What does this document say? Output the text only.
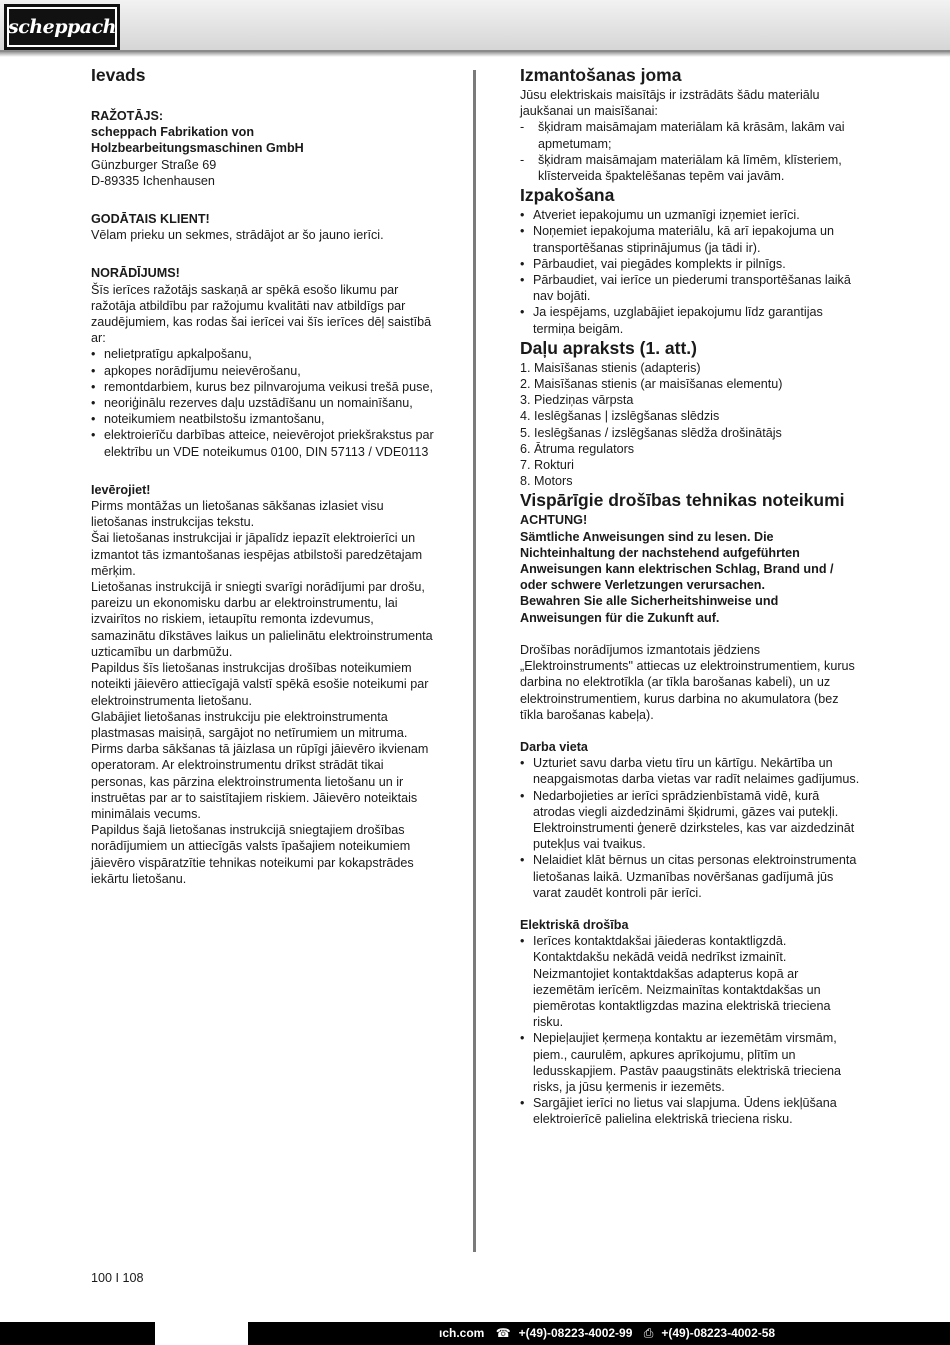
scheppach
Ievads
RAŽOTĀJS:
scheppach Fabrikation von
Holzbearbeitungsmaschinen GmbH
Günzburger Straße 69
D-89335 Ichenhausen
GODĀTAIS KLIENT!
Vēlam prieku un sekmes, strādājot ar šo jauno ierīci.
NORĀDĪJUMS!
Šīs ierīces ražotājs saskaņā ar spēkā esošo likumu par ražotāja atbildību par ražojumu kvalitāti nav atbildīgs par zaudējumiem, kas rodas šai ierīcei vai šīs ierīces dēļ saistībā ar:
• nelietpratīgu apkalpošanu,
• apkopes norādījumu neievērošanu,
• remontdarbiem, kurus bez pilnvarojuma veikusi trešā puse,
• neoriģinālu rezerves daļu uzstādīšanu un nomainīšanu,
• noteikumiem neatbilstošu izmantošanu,
• elektroierīču darbības atteice, neievērojot priekšrakstus par elektrību un VDE noteikumus 0100, DIN 57113 / VDE0113
Ievērojiet!

Pirms montāžas un lietošanas sākšanas izlasiet visu lietošanas instrukcijas tekstu.

Šai lietošanas instrukcijai ir jāpalīdz iepazīt elektroierīci un izmantot tās izmantošanas iespējas atbilstoši paredzētajam mērķim.

Lietošanas instrukcijā ir sniegti svarīgi norādījumi par drošu, pareizu un ekonomisku darbu ar elektroinstrumentu, lai izvairītos no riskiem, ietaupītu remonta izdevumus, samazinātu dīkstāves laikus un palielinātu elektroinstrumenta uzticamību un darbmūžu.

Papildus šīs lietošanas instrukcijas drošības noteikumiem noteikti jāievēro attiecīgajā valstī spēkā esošie noteikumi par elektroinstrumenta lietošanu.

Glabājiet lietošanas instrukciju pie elektroinstrumenta plastmasas maisiņā, sargājot no netīrumiem un mitruma. Pirms darba sākšanas tā jāizlasa un rūpīgi jāievēro ikvienam operatoram. Ar elektroinstrumentu drīkst strādāt tikai personas, kas pārzina elektroinstrumenta lietošanu un ir instruētas par ar to saistītajiem riskiem. Jāievēro noteiktais minimālais vecums.

Papildus šajā lietošanas instrukcijā sniegtajiem drošības norādījumiem un attiecīgās valsts īpašajiem noteikumiem jāievēro vispāratzītie tehnikas noteikumi par kokapstrādes iekārtu lietošanu.

Izmantošanas joma
Jūsu elektriskais maisītājs ir izstrādāts šādu materiālu jaukšanai un maisīšanai:
- šķidram maisāmajam materiālam kā krāsām, lakām vai apmetumam;
- šķidram maisāmajam materiālam kā līmēm, klīsteriem, klīsterveida špaktelēšanas tepēm vai javām.
Izpakošana
• Atveriet iepakojumu un uzmanīgi izņemiet ierīci.
• Noņemiet iepakojuma materiālu, kā arī iepakojuma un transportēšanas stiprinājumus (ja tādi ir).
• Pārbaudiet, vai piegādes komplekts ir pilnīgs.
• Pārbaudiet, vai ierīce un piederumi transportēšanas laikā nav bojāti.
• Ja iespējams, uzglabājiet iepakojumu līdz garantijas termiņa beigām.
Daļu apraksts (1. att.)
1. Maisīšanas stienis (adapteris)
2. Maisīšanas stienis (ar maisīšanas elementu)
3. Piedziņas vārpsta
4. Ieslēgšanas | izslēgšanas slēdzis
5. Ieslēgšanas / izslēgšanas slēdža drošinātājs
6. Ātruma regulators
7. Rokturi
8. Motors
Vispārīgie drošības tehnikas noteikumi
ACHTUNG!
Sämtliche Anweisungen sind zu lesen. Die Nichteinhaltung der nachstehend aufgeführten Anweisungen kann elektrischen Schlag, Brand und / oder schwere Verletzungen verursachen.
Bewahren Sie alle Sicherheitshinweise und Anweisungen für die Zukunft auf.

Drošības norādījumos izmantotais jēdziens „Elektroinstruments" attiecas uz elektroinstrumentiem, kurus darbina no elektrotīkla (ar tīkla barošanas kabeli), un uz elektroinstrumentiem, kurus darbina no akumulatora (bez tīkla barošanas kabeļa).

Darba vieta
• Uzturiet savu darba vietu tīru un kārtīgu. Nekārtība un neapgaismotas darba vietas var radīt nelaimes gadījumus.
• Nedarbojieties ar ierīci sprādzienbīstamā vidē, kurā atrodas viegli aizdedzināmi šķidrumi, gāzes vai putekļi. Elektroinstrumenti ģenerē dzirksteles, kas var aizdedzināt putekļus vai tvaikus.
• Nelaidiet klāt bērnus un citas personas elektroinstrumenta lietošanas laikā. Uzmanības novēršanas gadījumā jūs varat zaudēt kontroli pār ierīci.
Elektriskā drošība
• Ierīces kontaktdakšai jāiederas kontaktligzdā. Kontaktdakšu nekādā veidā nedrīkst izmainīt. Neizmantojiet kontaktdakšas adapterus kopā ar iezemētām ierīcēm. Neizmainītas kontaktdakšas un piemērotas kontaktligzdas mazina elektriskā trieciena risku.
• Nepieļaujiet ķermeņa kontaktu ar iezemētām virsmām, piem., caurulēm, apkures aprīkojumu, plītīm un ledusskapjiem. Pastāv paaugstināts elektriskā trieciena risks, ja jūsu ķermenis ir iezemēts.
• Sargājiet ierīci no lietus vai slapjuma. Ūdens iekļūšana elektroierīcē palielina elektriskā trieciena risku.
100 I 108
ıch.com ☎ +(49)-08223-4002-99 ⎙ +(49)-08223-4002-58
